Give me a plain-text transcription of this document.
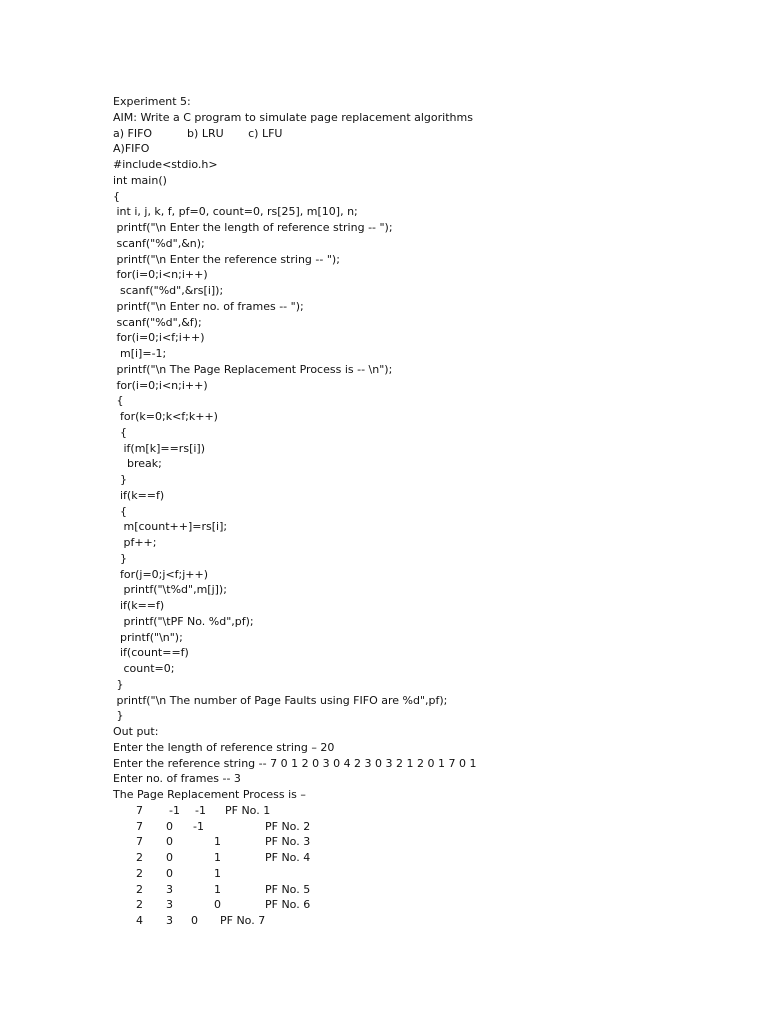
Experiment 5:
AIM: Write a C program to simulate page replacement algorithms
a) FIFO          b) LRU       c) LFU
A)FIFO
#include<stdio.h>
int main()
{
int i, j, k, f, pf=0, count=0, rs[25], m[10], n;
printf("\n Enter the length of reference string -- ");
scanf("%d",&n);
printf("\n Enter the reference string -- ");
for(i=0;i<n;i++)
scanf("%d",&rs[i]);
printf("\n Enter no. of frames -- ");
scanf("%d",&f);
for(i=0;i<f;i++)
m[i]=-1;
printf("\n The Page Replacement Process is -- \n");
for(i=0;i<n;i++)
{
for(k=0;k<f;k++)
{
if(m[k]==rs[i])
break;
}
if(k==f)
{
m[count++]=rs[i];
pf++;
}
for(j=0;j<f;j++)
printf("\t%d",m[j]);
if(k==f)
printf("\tPF No. %d",pf);
printf("\n");
if(count==f)
count=0;
}
printf("\n The number of Page Faults using FIFO are %d",pf);
}
Out put:
Enter the length of reference string – 20
Enter the reference string -- 7 0 1 2 0 3 0 4 2 3 0 3 2 1 2 0 1 7 0 1
Enter no. of frames -- 3
The Page Replacement Process is –
7 -1 -1 PF No. 1
7 0 -1	PF No. 2
7 0	1	PF No. 3
2 0	1	PF No. 4
2 0	1
2 3	1	PF No. 5
2 3	0	PF No. 6
4 3 0 PF No. 7
